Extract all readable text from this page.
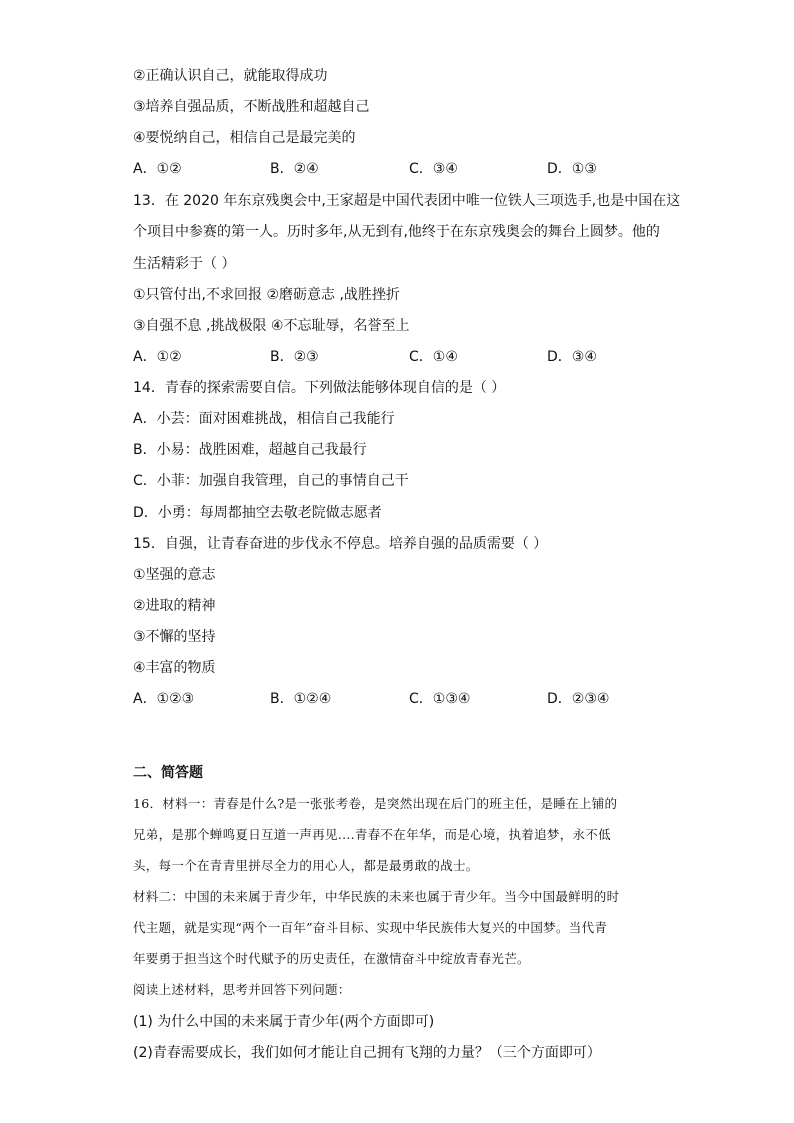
②正确认识自己，就能取得成功
③培养自强品质，不断战胜和超越自己
④要悦纳自己，相信自己是最完美的
A．①②	B．②④	C．③④	D．①③
13．在 2020 年东京残奥会中,王家超是中国代表团中唯一位铁人三项选手,也是中国在这
个项目中参赛的第一人。历时多年,从无到有,他终于在东京残奥会的舞台上圆梦。他的
生活精彩于（ ）
①只管付出,不求回报 ②磨砺意志 ,战胜挫折
③自强不息 ,挑战极限 ④不忘耻辱，名誉至上
A．①②	B．②③	C．①④	D．③④
14．青春的探索需要自信。下列做法能够体现自信的是（ ）
A．小芸：面对困难挑战，相信自己我能行
B．小易：战胜困难，超越自己我最行
C．小菲：加强自我管理，自己的事情自己干
D．小勇：每周都抽空去敬老院做志愿者
15．自强，让青春奋进的步伐永不停息。培养自强的品质需要（ ）
①坚强的意志
②进取的精神
③不懈的坚持
④丰富的物质
A．①②③	B．①②④	C．①③④	D．②③④
二、简答题
16．材料一：青春是什么?是一张张考卷，是突然出现在后门的班主任，是睡在上铺的
兄弟，是那个蝉鸣夏日互道一声再见....青春不在年华，而是心境，执着追梦，永不低
头，每一个在青青里拼尽全力的用心人，都是最勇敢的战士。
材料二：中国的未来属于青少年，中华民族的未来也属于青少年。当今中国最鲜明的时
代主题，就是实现“两个一百年”奋斗目标、实现中华民族伟大复兴的中国梦。当代青
年要勇于担当这个时代赋予的历史责任，在激情奋斗中绽放青春光芒。
阅读上述材料，思考并回答下列问题：
(1) 为什么中国的未来属于青少年(两个方面即可)
(2)青春需要成长，我们如何才能让自己拥有飞翔的力量？（三个方面即可）
